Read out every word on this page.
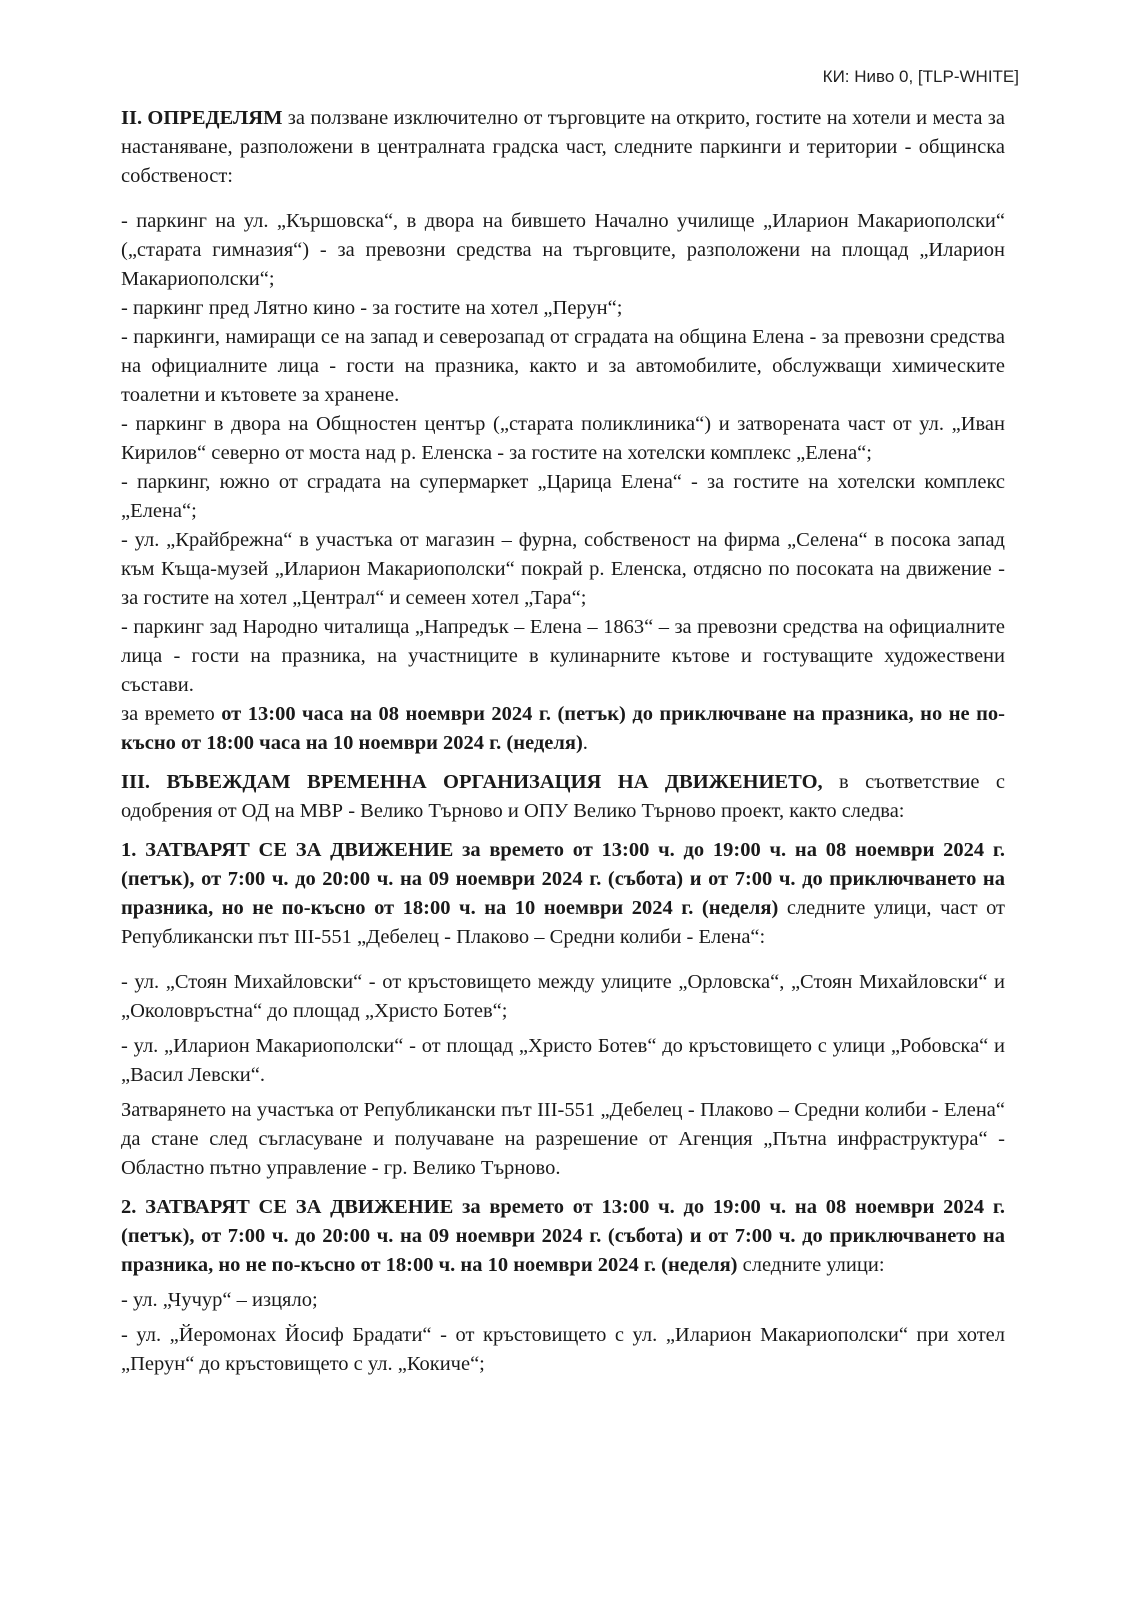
КИ: Ниво 0, [TLP-WHITE]

II. ОПРЕДЕЛЯМ за ползване изключително от търговците на открито, гостите на хотели и места за настаняване, разположени в централната градска част, следните паркинги и територии - общинска собственост:

- паркинг на ул. „Кършовска“, в двора на бившето Начално училище „Иларион Макариополски“ („старата гимназия“) - за превозни средства на търговците, разположени на площад „Иларион Макариополски“;

- паркинг пред Лятно кино - за гостите на хотел „Перун“;

- паркинги, намиращи се на запад и северозапад от сградата на община Елена - за превозни средства на официалните лица - гости на празника, както и за автомобилите, обслужващи химическите тоалетни и кътовете за хранене.

- паркинг в двора на Общностен център („старата поликлиника“) и затворената част от ул. „Иван Кирилов“ северно от моста над р. Еленска - за гостите на хотелски комплекс „Елена“;

- паркинг, южно от сградата на супермаркет „Царица Елена“ - за гостите на хотелски комплекс „Елена“;

- ул. „Крайбрежна“ в участъка от магазин – фурна, собственост на фирма „Селена“ в посока запад към Къща-музей „Иларион Макариополски“ покрай р. Еленска, отдясно по посоката на движение - за гостите на хотел „Централ“ и семеен хотел „Тара“;

- паркинг зад Народно читалища „Напредък – Елена – 1863“ – за превозни средства на официалните лица - гости на празника, на участниците в кулинарните кътове и гостуващите художествени състави.

за времето от 13:00 часа на 08 ноември 2024 г. (петък) до приключване на празника, но не по-късно от 18:00 часа на 10 ноември 2024 г. (неделя).

III. ВЪВЕЖДАМ ВРЕМЕННА ОРГАНИЗАЦИЯ НА ДВИЖЕНИЕТО, в съответствие с одобрения от ОД на МВР - Велико Търново и ОПУ Велико Търново проект, както следва:

1. ЗАТВАРЯТ СЕ ЗА ДВИЖЕНИЕ за времето от 13:00 ч. до 19:00 ч. на 08 ноември 2024 г. (петък), от 7:00 ч. до 20:00 ч. на 09 ноември 2024 г. (събота) и от 7:00 ч. до приключването на празника, но не по-късно от 18:00 ч. на 10 ноември 2024 г. (неделя) следните улици, част от Републикански път III-551 „Дебелец - Плаково – Средни колиби - Елена“:

- ул. „Стоян Михайловски“ - от кръстовището между улиците „Орловска“, „Стоян Михайловски“ и „Околовръстна“ до площад „Христо Ботев“;

- ул. „Иларион Макариополски“ - от площад „Христо Ботев“ до кръстовището с улици „Робовска“ и „Васил Левски“.

Затварянето на участъка от Републикански път III-551 „Дебелец - Плаково – Средни колиби - Елена“ да стане след съгласуване и получаване на разрешение от Агенция „Пътна инфраструктура“ - Областно пътно управление - гр. Велико Търново.

2. ЗАТВАРЯТ СЕ ЗА ДВИЖЕНИЕ за времето от 13:00 ч. до 19:00 ч. на 08 ноември 2024 г. (петък), от 7:00 ч. до 20:00 ч. на 09 ноември 2024 г. (събота) и от 7:00 ч. до приключването на празника, но не по-късно от 18:00 ч. на 10 ноември 2024 г. (неделя) следните улици:

- ул. „Чучур“ – изцяло;

- ул. „Йеромонах Йосиф Брадати“ - от кръстовището с ул. „Иларион Макариополски“ при хотел „Перун“ до кръстовището с ул. „Кокиче“;
